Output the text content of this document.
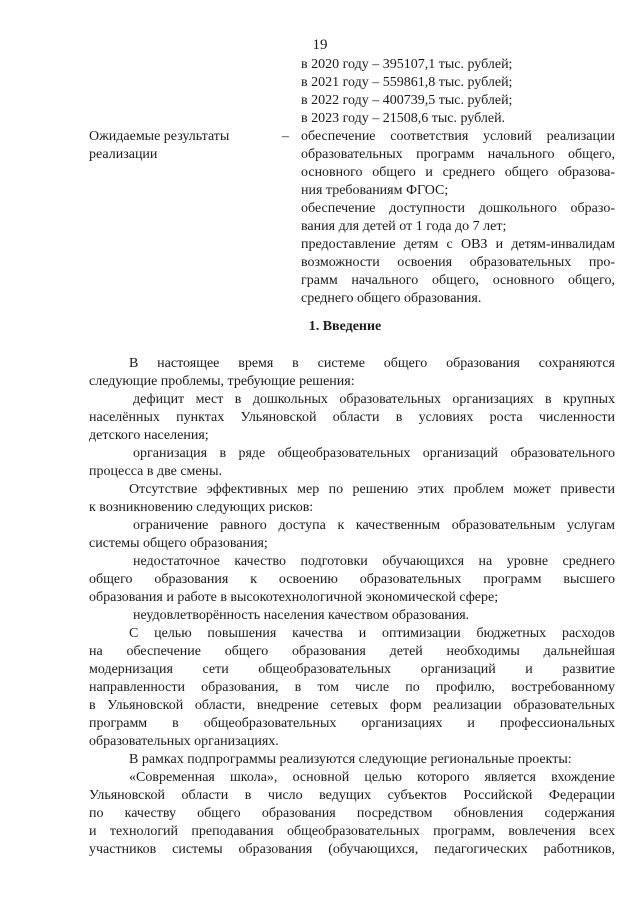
19
в 2020 году – 395107,1 тыс. рублей;
в 2021 году – 559861,8 тыс. рублей;
в 2022 году – 400739,5 тыс. рублей;
в 2023 году – 21508,6 тыс. рублей.
Ожидаемые результаты
реализации
– обеспечение соответствия условий реализации
образовательных программ начального общего,
основного общего и среднего общего образова-
ния требованиям ФГОС;
обеспечение доступности дошкольного образо-
вания для детей от 1 года до 7 лет;
предоставление детям с ОВЗ и детям-инвалидам
возможности освоения образовательных про-
грамм начального общего, основного общего,
среднего общего образования.
1. Введение
В настоящее время в системе общего образования сохраняются
следующие проблемы, требующие решения:
дефицит мест в дошкольных образовательных организациях в крупных
населённых пунктах Ульяновской области в условиях роста численности
детского населения;
организация в ряде общеобразовательных организаций образовательного
процесса в две смены.
Отсутствие эффективных мер по решению этих проблем может привести
к возникновению следующих рисков:
ограничение равного доступа к качественным образовательным услугам
системы общего образования;
недостаточное качество подготовки обучающихся на уровне среднего
общего образования к освоению образовательных программ высшего
образования и работе в высокотехнологичной экономической сфере;
неудовлетворённость населения качеством образования.
С целью повышения качества и оптимизации бюджетных расходов
на обеспечение общего образования детей необходимы дальнейшая
модернизация сети общеобразовательных организаций и развитие
направленности образования, в том числе по профилю, востребованному
в Ульяновской области, внедрение сетевых форм реализации образовательных
программ в общеобразовательных организациях и профессиональных
образовательных организациях.
В рамках подпрограммы реализуются следующие региональные проекты:
«Современная школа», основной целью которого является вхождение
Ульяновской области в число ведущих субъектов Российской Федерации
по качеству общего образования посредством обновления содержания
и технологий преподавания общеобразовательных программ, вовлечения всех
участников системы образования (обучающихся, педагогических работников,
